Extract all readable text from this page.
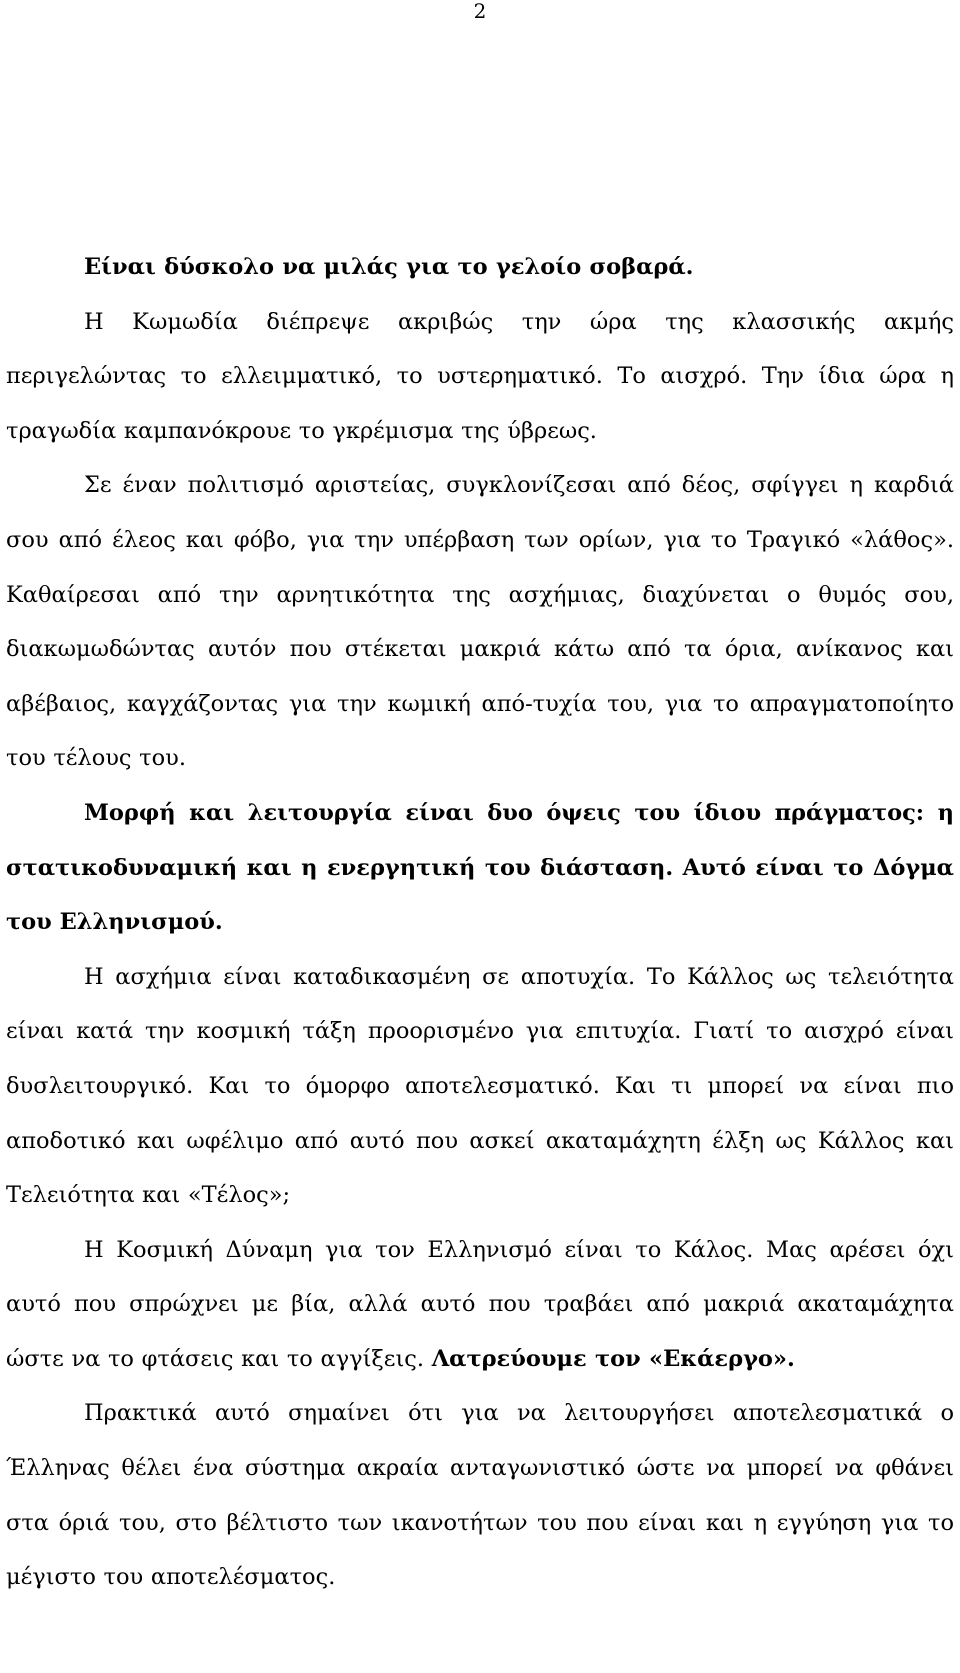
2

Είναι δύσκολο να μιλάς για το γελοίο σοβαρά.

Η Κωμωδία διέπρεψε ακριβώς την ώρα της κλασσικής ακμής περιγελώντας το ελλειμματικό, το υστερηματικό. Το αισχρό. Την ίδια ώρα η τραγωδία καμπανόκρουε το γκρέμισμα της ύβρεως.

Σε έναν πολιτισμό αριστείας, συγκλονίζεσαι από δέος, σφίγγει η καρδιά σου από έλεος και φόβο, για την υπέρβαση των ορίων, για το Τραγικό «λάθος». Καθαίρεσαι από την αρνητικότητα της ασχήμιας, διαχύνεται ο θυμός σου, διακωμωδώντας αυτόν που στέκεται μακριά κάτω από τα όρια, ανίκανος και αβέβαιος, καγχάζοντας για την κωμική από-τυχία του, για το απραγματοποίητο του τέλους του.

Μορφή και λειτουργία είναι δυο όψεις του ίδιου πράγματος: η στατικοδυναμική και η ενεργητική του διάσταση. Αυτό είναι το Δόγμα του Ελληνισμού.

Η ασχήμια είναι καταδικασμένη σε αποτυχία. Το Κάλλος ως τελειότητα είναι κατά την κοσμική τάξη προορισμένο για επιτυχία. Γιατί το αισχρό είναι δυσλειτουργικό. Και το όμορφο αποτελεσματικό. Και τι μπορεί να είναι πιο αποδοτικό και ωφέλιμο από αυτό που ασκεί ακαταμάχητη έλξη ως Κάλλος και Τελειότητα και «Τέλος»;

Η Κοσμική Δύναμη για τον Ελληνισμό είναι το Κάλος. Μας αρέσει όχι αυτό που σπρώχνει με βία, αλλά αυτό που τραβάει από μακριά ακαταμάχητα ώστε να το φτάσεις και το αγγίξεις. Λατρεύουμε τον «Εκάεργο».

Πρακτικά αυτό σημαίνει ότι για να λειτουργήσει αποτελεσματικά ο Έλληνας θέλει ένα σύστημα ακραία ανταγωνιστικό ώστε να μπορεί να φθάνει στα όριά του, στο βέλτιστο των ικανοτήτων του που είναι και η εγγύηση για το μέγιστο του αποτελέσματος.
